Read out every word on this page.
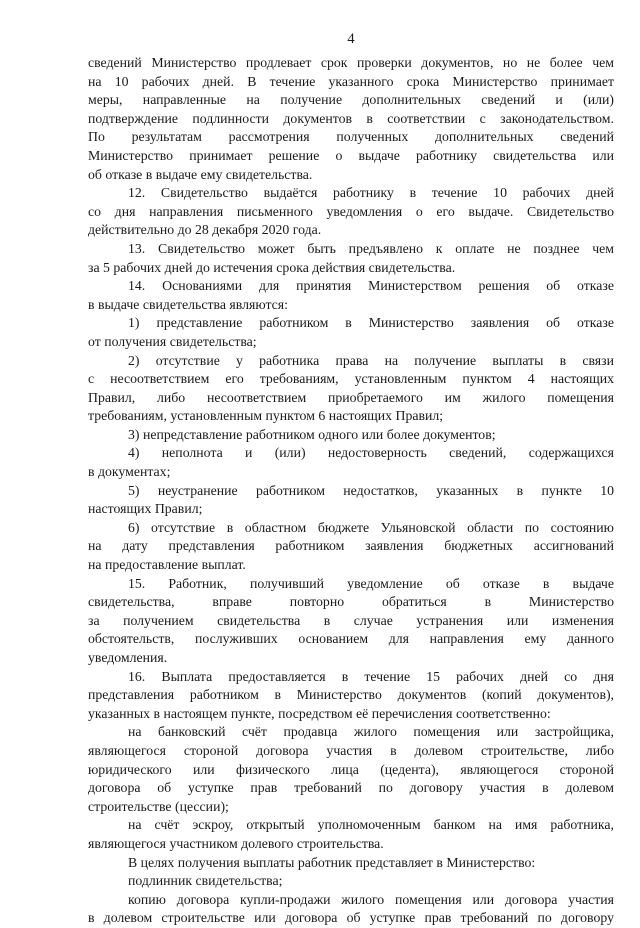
4
сведений Министерство продлевает срок проверки документов, но не более чем
на 10 рабочих дней. В течение указанного срока Министерство принимает
меры, направленные на получение дополнительных сведений и (или)
подтверждение подлинности документов в соответствии с законодательством.
По результатам рассмотрения полученных дополнительных сведений
Министерство принимает решение о выдаче работнику свидетельства или
об отказе в выдаче ему свидетельства.
12. Свидетельство выдаётся работнику в течение 10 рабочих дней
со дня направления письменного уведомления о его выдаче. Свидетельство
действительно до 28 декабря 2020 года.
13. Свидетельство может быть предъявлено к оплате не позднее чем
за 5 рабочих дней до истечения срока действия свидетельства.
14. Основаниями для принятия Министерством решения об отказе
в выдаче свидетельства являются:
1) представление работником в Министерство заявления об отказе
от получения свидетельства;
2) отсутствие у работника права на получение выплаты в связи
с несоответствием его требованиям, установленным пунктом 4 настоящих
Правил, либо несоответствием приобретаемого им жилого помещения
требованиям, установленным пунктом 6 настоящих Правил;
3) непредставление работником одного или более документов;
4) неполнота и (или) недостоверность сведений, содержащихся
в документах;
5) неустранение работником недостатков, указанных в пункте 10
настоящих Правил;
6) отсутствие в областном бюджете Ульяновской области по состоянию
на дату представления работником заявления бюджетных ассигнований
на предоставление выплат.
15. Работник, получивший уведомление об отказе в выдаче
свидетельства, вправе повторно обратиться в Министерство
за получением свидетельства в случае устранения или изменения
обстоятельств, послуживших основанием для направления ему данного
уведомления.
16. Выплата предоставляется в течение 15 рабочих дней со дня
представления работником в Министерство документов (копий документов),
указанных в настоящем пункте, посредством её перечисления соответственно:
на банковский счёт продавца жилого помещения или застройщика,
являющегося стороной договора участия в долевом строительстве, либо
юридического или физического лица (цедента), являющегося стороной
договора об уступке прав требований по договору участия в долевом
строительстве (цессии);
на счёт эскроу, открытый уполномоченным банком на имя работника,
являющегося участником долевого строительства.
В целях получения выплаты работник представляет в Министерство:
подлинник свидетельства;
копию договора купли-продажи жилого помещения или договора участия
в долевом строительстве или договора об уступке прав требований по договору
